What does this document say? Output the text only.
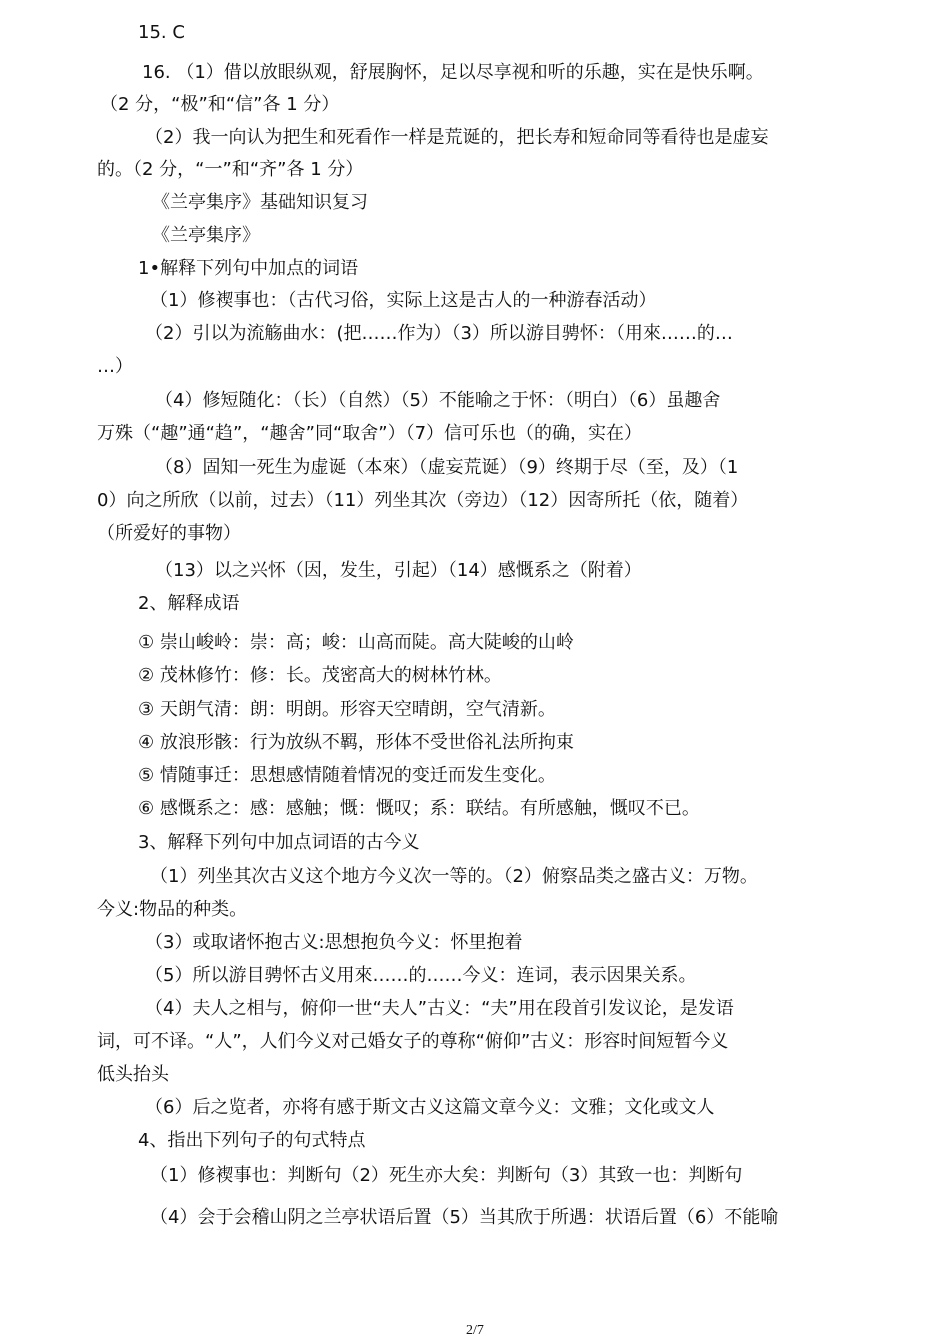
15. C
16. （1）借以放眼纵观，舒展胸怀，足以尽享视和听的乐趣，实在是快乐啊。
（2 分，“极”和“信”各 1 分）
（2）我一向认为把生和死看作一样是荒诞的，把长寿和短命同等看待也是虚妄
的。（2 分，“一”和“齐”各 1 分）
《兰亭集序》基础知识复习
《兰亭集序》
1•解释下列句中加点的词语
（1）修褉事也：（古代习俗，实际上这是古人的一种游春活动）
（2）引以为流觞曲水：(把……作为）（3）所以游目骋怀：（用來……的…
…）
（4）修短随化：（长）（自然）（5）不能喻之于怀：（明白）（6）虽趣舍
万殊（“趣”通“趋”，“趣舍”同“取舍”）（7）信可乐也（的确，实在）
（8）固知一死生为虚诞（本來）（虚妄荒诞）（9）终期于尽（至，及）（1
0）向之所欣（以前，过去）（11）列坐其次（旁边）（12）因寄所托（依，随着）
（所爱好的事物）
（13）以之兴怀（因，发生，引起）（14）感慨系之（附着）
2、解释成语
① 崇山峻岭：崇：高；峻：山高而陡。高大陡峻的山岭
② 茂林修竹：修：长。茂密高大的树林竹林。
③ 天朗气清：朗：明朗。形容天空晴朗，空气清新。
④ 放浪形骸：行为放纵不羁，形体不受世俗礼法所拘束
⑤ 情随事迁：思想感情随着情况的变迁而发生变化。
⑥ 感慨系之：感：感触；慨：慨叹；系：联结。有所感触，慨叹不已。
3、解释下列句中加点词语的古今义
（1）列坐其次古义这个地方今义次一等的。（2）俯察品类之盛古义：万物。
今义:物品的种类。
（3）或取诸怀抱古义:思想抱负今义：怀里抱着
（5）所以游目骋怀古义用來……的……今义：连词，表示因果关系。
（4）夫人之相与，俯仰一世“夫人”古义：“夫”用在段首引发议论，是发语
词，可不译。“人”，人们今义对己婚女子的尊称“俯仰”古义：形容时间短暂今义
低头抬头
（6）后之览者，亦将有感于斯文古义这篇文章今义：文雅；文化或文人
4、指出下列句子的句式特点
（1）修褉事也：判断句（2）死生亦大矣：判断句（3）其致一也：判断句
（4）会于会稽山阴之兰亭状语后置（5）当其欣于所遇：状语后置（6）不能喻
2/7
